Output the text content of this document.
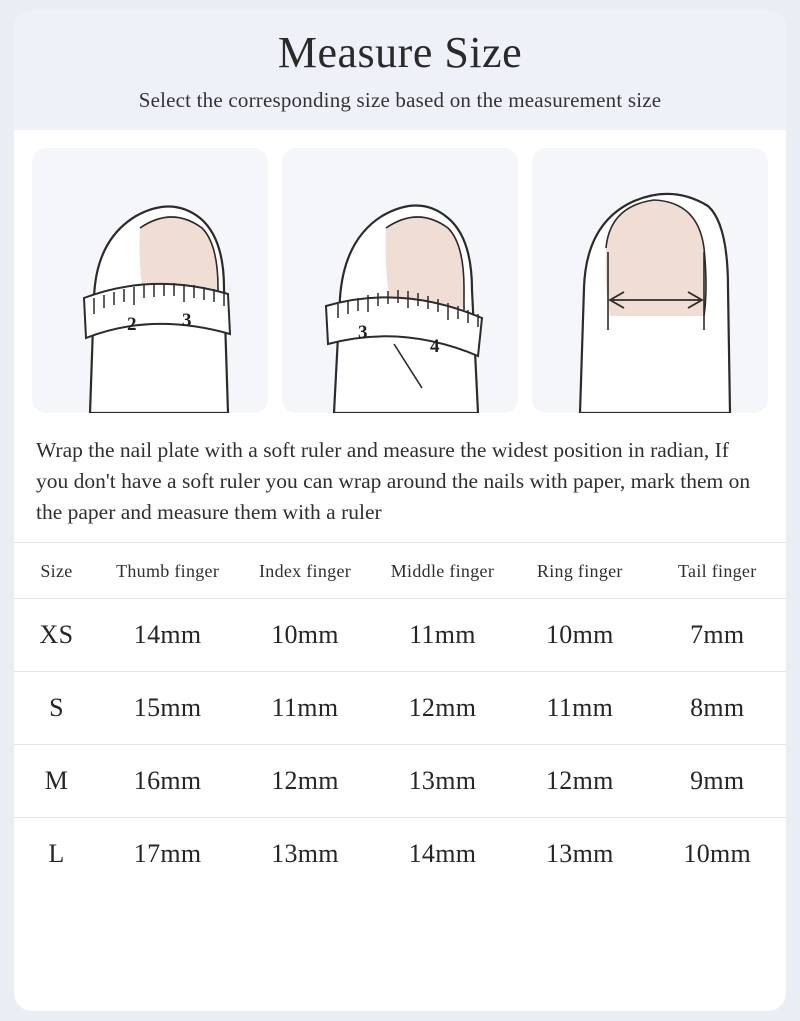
Measure Size
Select the corresponding size based on the measurement size
2 3
3
4
Wrap the nail plate with a soft ruler and measure the widest position in radian, If you don't have a soft ruler you can wrap around the nails with paper, mark them on the paper and measure them with a ruler
Size	Thumb finger	Index finger	Middle finger	Ring finger	Tail finger
XS	14mm	10mm	11mm	10mm	7mm
S	15mm	11mm	12mm	11mm	8mm
M	16mm	12mm	13mm	12mm	9mm
L	17mm	13mm	14mm	13mm	10mm
